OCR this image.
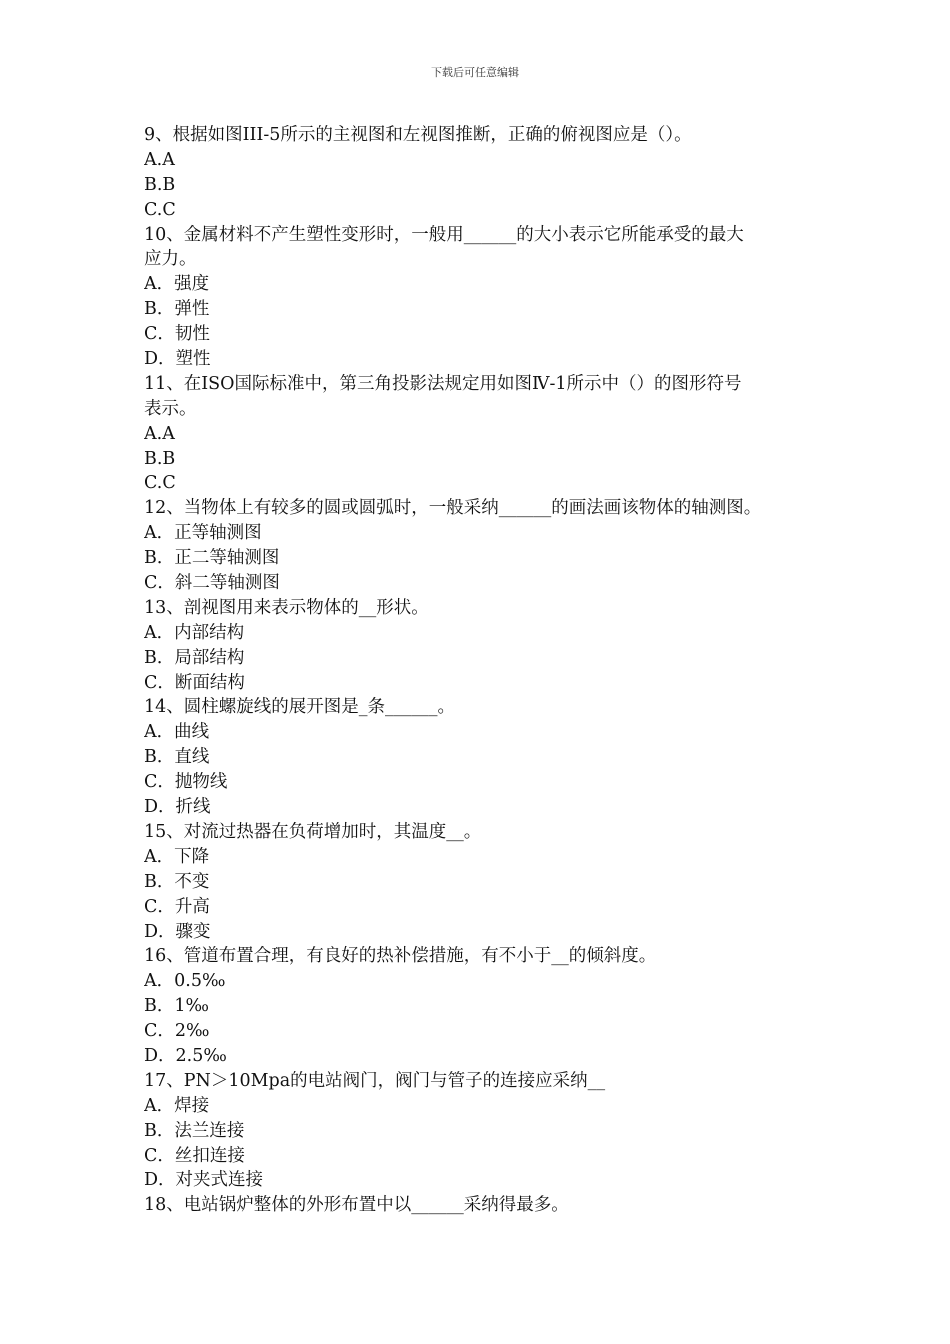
下载后可任意编辑
9、根据如图III-5所示的主视图和左视图推断，正确的俯视图应是（）。
A.A
B.B
C.C
10、金属材料不产生塑性变形时，一般用______的大小表示它所能承受的最大
应力。
A．强度
B．弹性
C．韧性
D．塑性
11、在ISO国际标准中，第三角投影法规定用如图Ⅳ-1所示中（）的图形符号
表示。
A.A
B.B
C.C
12、当物体上有较多的圆或圆弧时，一般采纳______的画法画该物体的轴测图。
A．正等轴测图
B．正二等轴测图
C．斜二等轴测图
13、剖视图用来表示物体的__形状。
A．内部结构
B．局部结构
C．断面结构
14、圆柱螺旋线的展开图是_条______。
A．曲线
B．直线
C．抛物线
D．折线
15、对流过热器在负荷增加时，其温度__。
A．下降
B．不变
C．升高
D．骤变
16、管道布置合理，有良好的热补偿措施，有不小于__的倾斜度。
A．0.5‰
B．1‰
C．2‰
D．2.5‰
17、PN＞10Mpa的电站阀门，阀门与管子的连接应采纳__
A．焊接
B．法兰连接
C．丝扣连接
D．对夹式连接
18、电站锅炉整体的外形布置中以______采纳得最多。
